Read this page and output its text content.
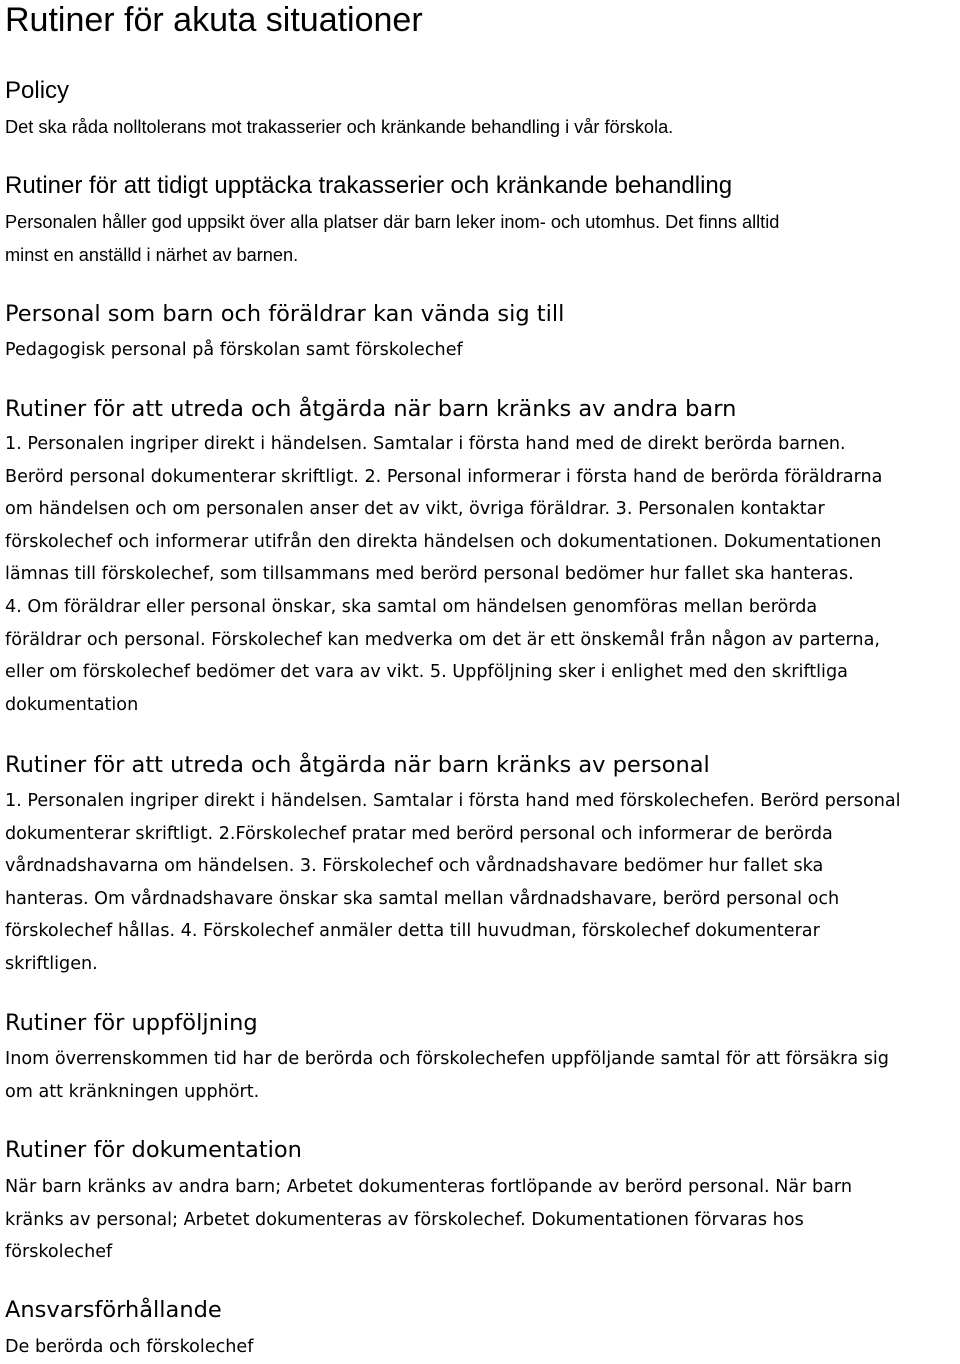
Rutiner för akuta situationer
Policy
Det ska råda nolltolerans mot trakasserier och kränkande behandling i vår förskola.
Rutiner för att tidigt upptäcka trakasserier och kränkande behandling
Personalen håller god uppsikt över alla platser där barn leker inom- och utomhus. Det finns alltid
minst en anställd i närhet av barnen.
Personal som barn och föräldrar kan vända sig till
Pedagogisk personal på förskolan samt förskolechef
Rutiner för att utreda och åtgärda när barn kränks av andra barn
1. Personalen ingriper direkt i händelsen. Samtalar i första hand med de direkt berörda barnen.
Berörd personal dokumenterar skriftligt. 2. Personal informerar i första hand de berörda föräldrarna
om händelsen och om personalen anser det av vikt, övriga föräldrar. 3. Personalen kontaktar
förskolechef och informerar utifrån den direkta händelsen och dokumentationen. Dokumentationen
lämnas till förskolechef, som tillsammans med berörd personal bedömer hur fallet ska hanteras.
4. Om föräldrar eller personal önskar, ska samtal om händelsen genomföras mellan berörda
föräldrar och personal. Förskolechef kan medverka om det är ett önskemål från någon av parterna,
eller om förskolechef bedömer det vara av vikt. 5. Uppföljning sker i enlighet med den skriftliga
dokumentation
Rutiner för att utreda och åtgärda när barn kränks av personal
1. Personalen ingriper direkt i händelsen. Samtalar i första hand med förskolechefen. Berörd personal
dokumenterar skriftligt. 2.Förskolechef pratar med berörd personal och informerar de berörda
vårdnadshavarna om händelsen. 3. Förskolechef och vårdnadshavare bedömer hur fallet ska
hanteras. Om vårdnadshavare önskar ska samtal mellan vårdnadshavare, berörd personal och
förskolechef hållas. 4. Förskolechef anmäler detta till huvudman, förskolechef dokumenterar
skriftligen.
Rutiner för uppföljning
Inom överrenskommen tid har de berörda och förskolechefen uppföljande samtal för att försäkra sig
om att kränkningen upphört.
Rutiner för dokumentation
När barn kränks av andra barn; Arbetet dokumenteras fortlöpande av berörd personal. När barn
kränks av personal; Arbetet dokumenteras av förskolechef. Dokumentationen förvaras hos
förskolechef
Ansvarsförhållande
De berörda och förskolechef
